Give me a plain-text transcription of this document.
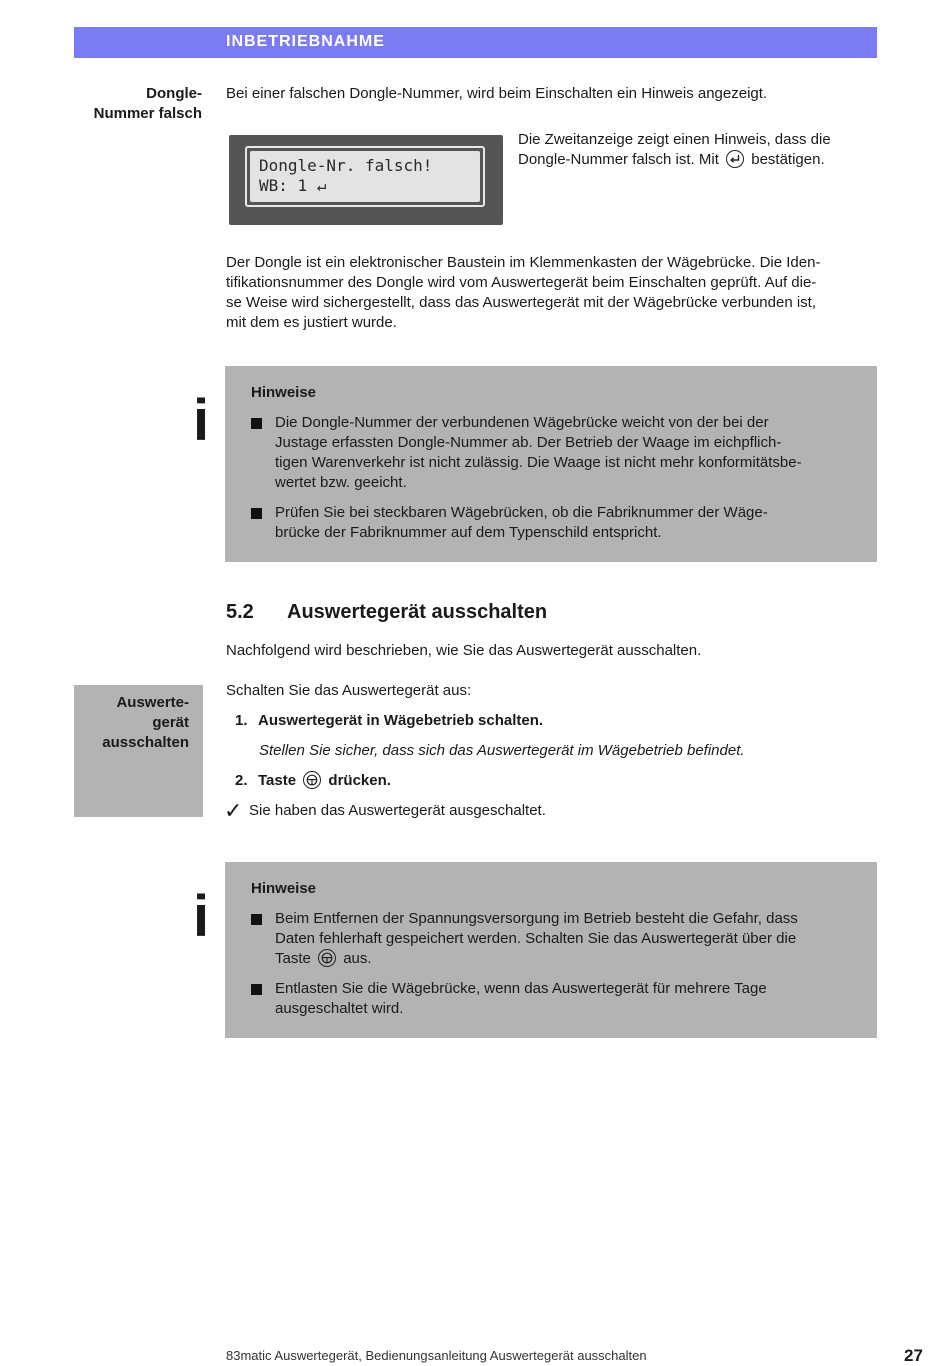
INBETRIEBNAHME
Dongle-
Nummer falsch

Bei einer falschen Dongle-Nummer, wird beim Einschalten ein Hinweis angezeigt.

Dongle-Nr. falsch!
WB: 1 ↵
Die Zweitanzeige zeigt einen Hinweis, dass die
Dongle-Nummer falsch ist. Mit bestätigen.
Der Dongle ist ein elektronischer Baustein im Klemmenkasten der Wägebrücke. Die Iden-
tifikationsnummer des Dongle wird vom Auswertegerät beim Einschalten geprüft. Auf die-
se Weise wird sichergestellt, dass das Auswertegerät mit der Wägebrücke verbunden ist,
mit dem es justiert wurde.
i	Hinweise
Die Dongle-Nummer der verbundenen Wägebrücke weicht von der bei der
Justage erfassten Dongle-Nummer ab. Der Betrieb der Waage im eichpflich-
tigen Warenverkehr ist nicht zulässig. Die Waage ist nicht mehr konformitätsbe-
wertet bzw. geeicht.
Prüfen Sie bei steckbaren Wägebrücken, ob die Fabriknummer der Wäge-
brücke der Fabriknummer auf dem Typenschild entspricht.
5.2 Auswertegerät ausschalten

Nachfolgend wird beschrieben, wie Sie das Auswertegerät ausschalten.

Auswerte-
gerät
ausschalten

Schalten Sie das Auswertegerät aus:

1. Auswertegerät in Wägebetrieb schalten.
Stellen Sie sicher, dass sich das Auswertegerät im Wägebetrieb befindet.
2. Taste drücken.
✓ Sie haben das Auswertegerät ausgeschaltet.
i	Hinweise
Beim Entfernen der Spannungsversorgung im Betrieb besteht die Gefahr, dass
Daten fehlerhaft gespeichert werden. Schalten Sie das Auswertegerät über die
Taste aus.
Entlasten Sie die Wägebrücke, wenn das Auswertegerät für mehrere Tage
ausgeschaltet wird.
83matic Auswertegerät, Bedienungsanleitung Auswertegerät ausschalten	27
